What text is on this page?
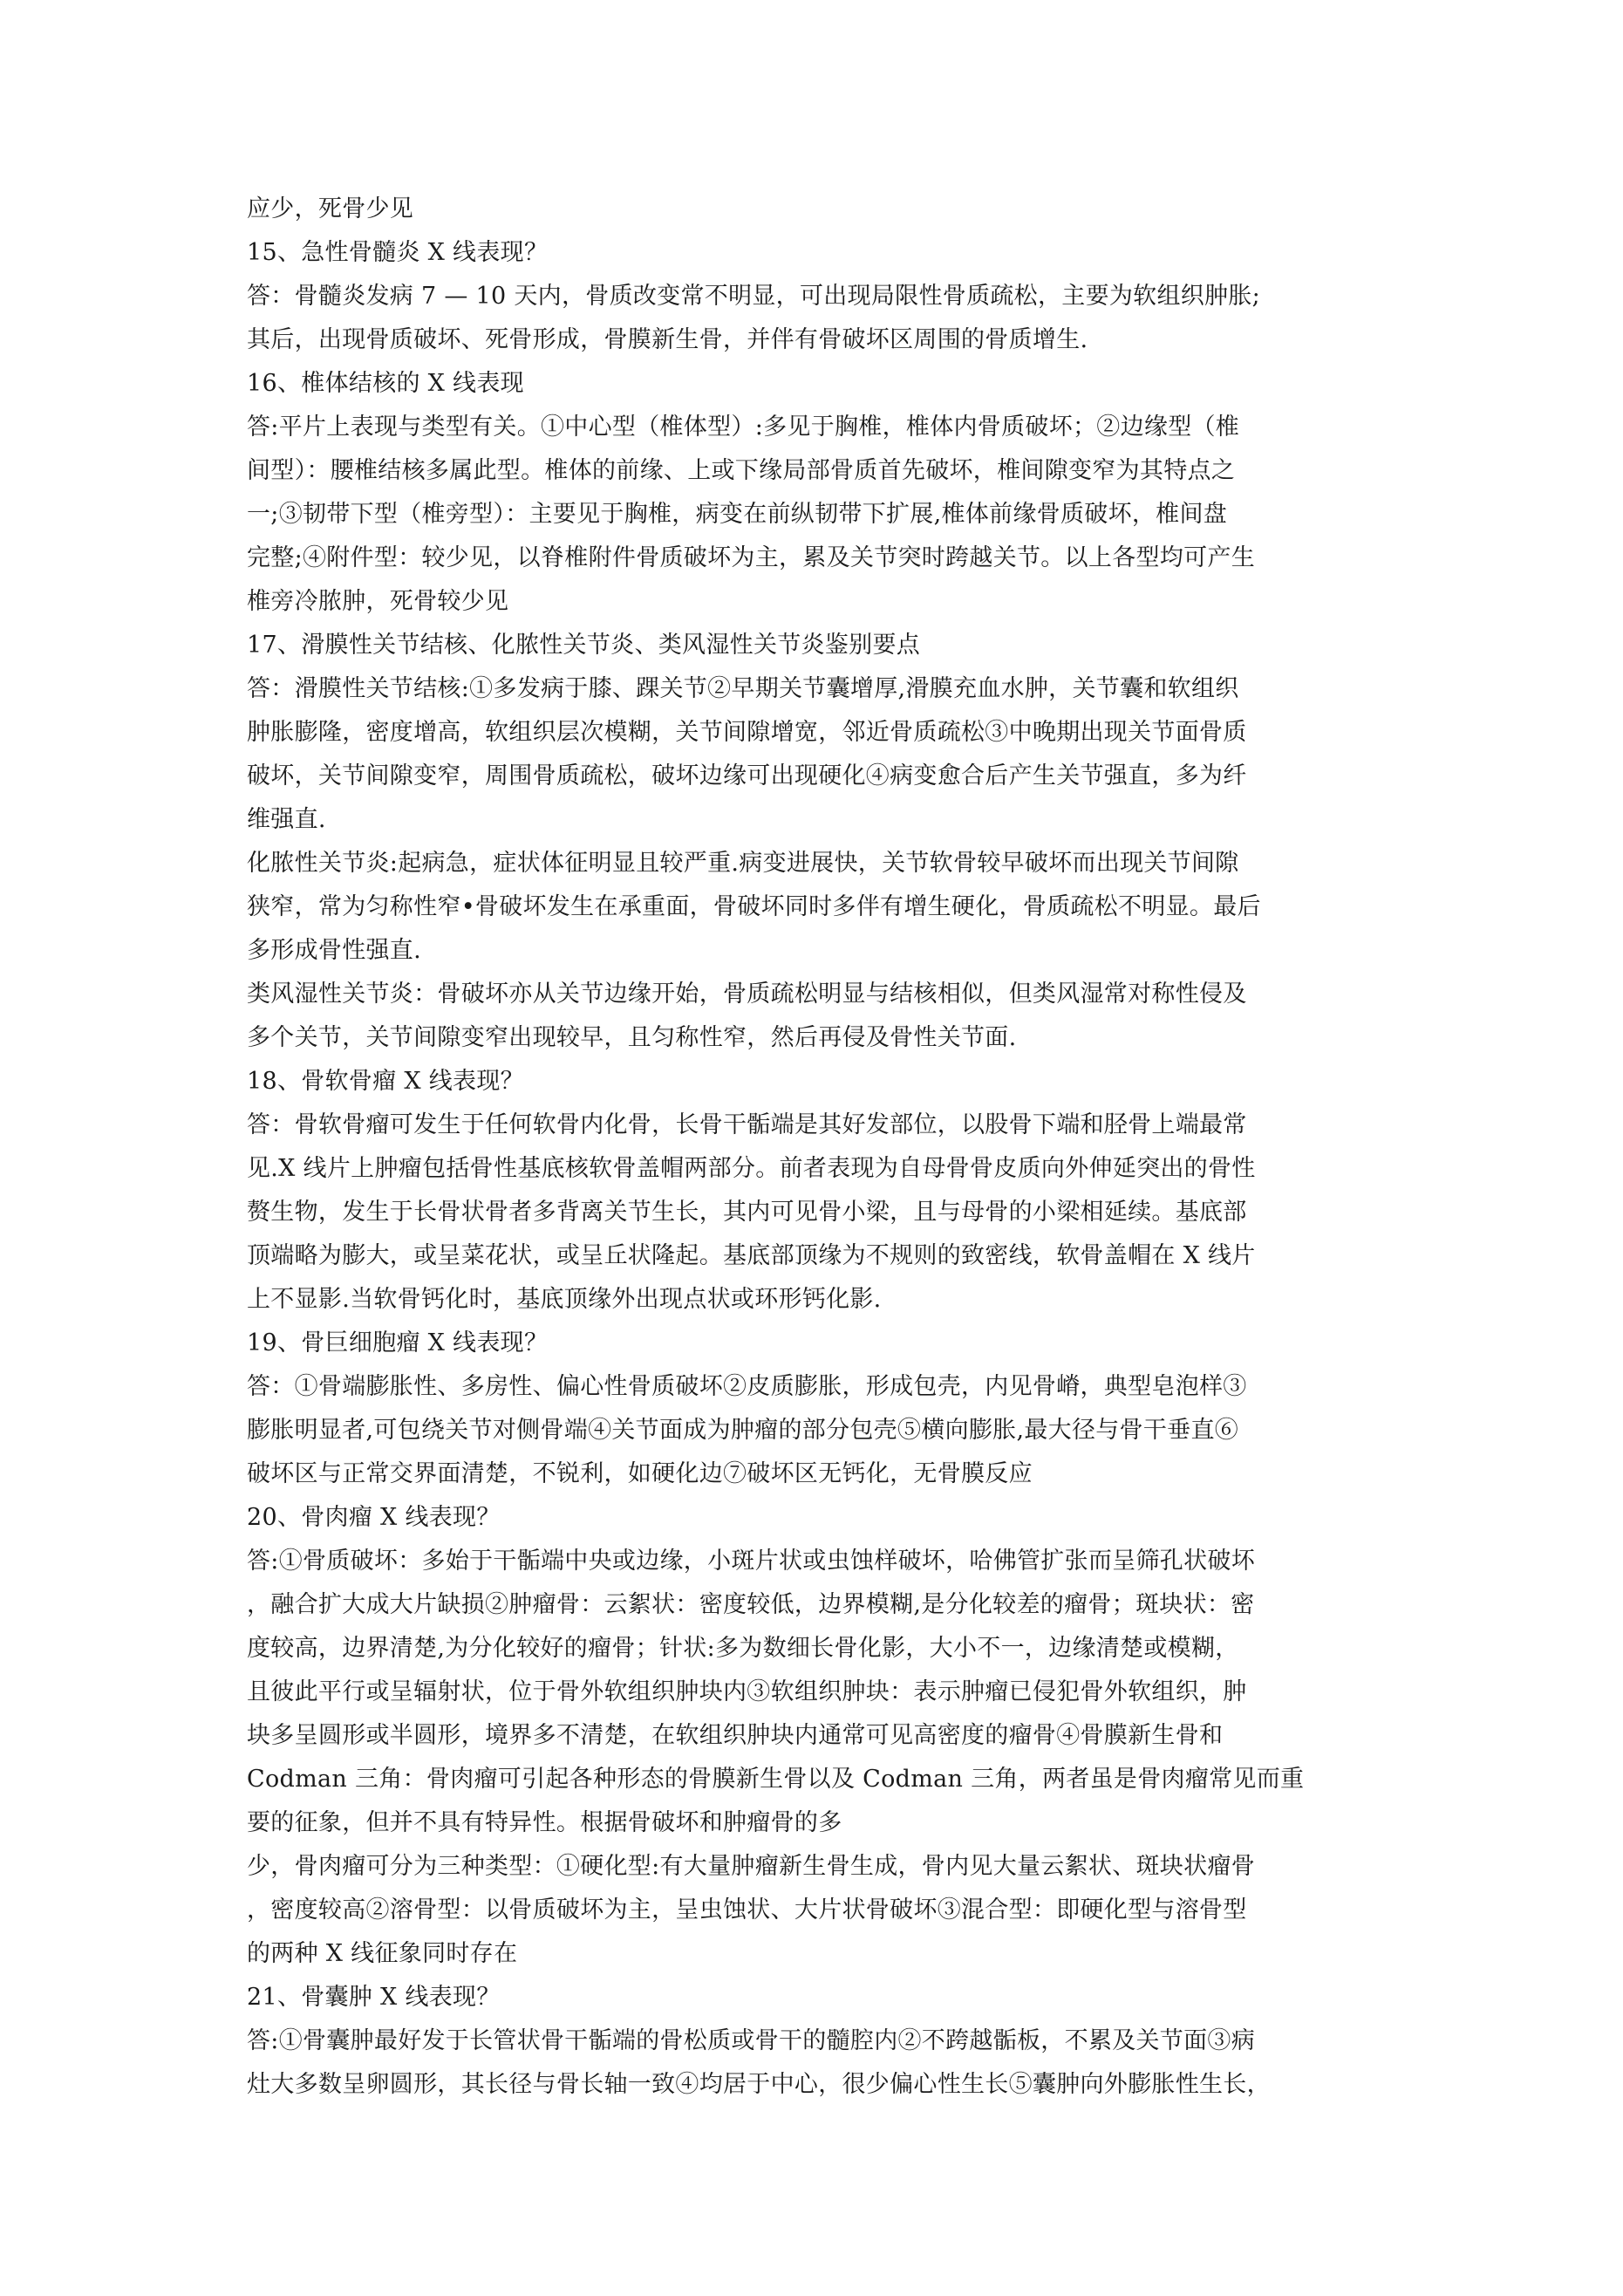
应少，死骨少见
15、急性骨髓炎 X 线表现？
答：骨髓炎发病 7 — 10 天内，骨质改变常不明显，可出现局限性骨质疏松，主要为软组织肿胀;
其后，出现骨质破坏、死骨形成，骨膜新生骨，并伴有骨破坏区周围的骨质增生.
16、椎体结核的 X 线表现
答:平片上表现与类型有关。①中心型（椎体型）:多见于胸椎，椎体内骨质破坏；②边缘型（椎
间型）：腰椎结核多属此型。椎体的前缘、上或下缘局部骨质首先破坏，椎间隙变窄为其特点之
一;③韧带下型（椎旁型）：主要见于胸椎，病变在前纵韧带下扩展,椎体前缘骨质破坏，椎间盘
完整;④附件型：较少见，以脊椎附件骨质破坏为主，累及关节突时跨越关节。以上各型均可产生
椎旁冷脓肿，死骨较少见
17、滑膜性关节结核、化脓性关节炎、类风湿性关节炎鉴别要点
答：滑膜性关节结核:①多发病于膝、踝关节②早期关节囊增厚,滑膜充血水肿，关节囊和软组织
肿胀膨隆，密度增高，软组织层次模糊，关节间隙增宽，邻近骨质疏松③中晚期出现关节面骨质
破坏，关节间隙变窄，周围骨质疏松，破坏边缘可出现硬化④病变愈合后产生关节强直，多为纤
维强直.
化脓性关节炎:起病急，症状体征明显且较严重.病变进展快，关节软骨较早破坏而出现关节间隙
狭窄，常为匀称性窄•骨破坏发生在承重面，骨破坏同时多伴有增生硬化，骨质疏松不明显。最后
多形成骨性强直.
类风湿性关节炎：骨破坏亦从关节边缘开始，骨质疏松明显与结核相似，但类风湿常对称性侵及
多个关节，关节间隙变窄出现较早，且匀称性窄，然后再侵及骨性关节面.
18、骨软骨瘤 X 线表现？
答：骨软骨瘤可发生于任何软骨内化骨，长骨干骺端是其好发部位，以股骨下端和胫骨上端最常
见.X 线片上肿瘤包括骨性基底核软骨盖帽两部分。前者表现为自母骨骨皮质向外伸延突出的骨性
赘生物，发生于长骨状骨者多背离关节生长，其内可见骨小梁，且与母骨的小梁相延续。基底部
顶端略为膨大，或呈菜花状，或呈丘状隆起。基底部顶缘为不规则的致密线，软骨盖帽在 X 线片
上不显影.当软骨钙化时，基底顶缘外出现点状或环形钙化影.
19、骨巨细胞瘤 X 线表现？
答：①骨端膨胀性、多房性、偏心性骨质破坏②皮质膨胀，形成包壳，内见骨嵴，典型皂泡样③
膨胀明显者,可包绕关节对侧骨端④关节面成为肿瘤的部分包壳⑤横向膨胀,最大径与骨干垂直⑥
破坏区与正常交界面清楚，不锐利，如硬化边⑦破坏区无钙化，无骨膜反应
20、骨肉瘤 X 线表现？
答:①骨质破坏：多始于干骺端中央或边缘，小斑片状或虫蚀样破坏，哈佛管扩张而呈筛孔状破坏
，融合扩大成大片缺损②肿瘤骨：云絮状：密度较低，边界模糊,是分化较差的瘤骨；斑块状：密
度较高，边界清楚,为分化较好的瘤骨；针状:多为数细长骨化影，大小不一，边缘清楚或模糊，
且彼此平行或呈辐射状，位于骨外软组织肿块内③软组织肿块：表示肿瘤已侵犯骨外软组织，肿
块多呈圆形或半圆形，境界多不清楚，在软组织肿块内通常可见高密度的瘤骨④骨膜新生骨和
Codman 三角：骨肉瘤可引起各种形态的骨膜新生骨以及 Codman 三角，两者虽是骨肉瘤常见而重
要的征象，但并不具有特异性。根据骨破坏和肿瘤骨的多
少，骨肉瘤可分为三种类型：①硬化型:有大量肿瘤新生骨生成，骨内见大量云絮状、斑块状瘤骨
，密度较高②溶骨型：以骨质破坏为主，呈虫蚀状、大片状骨破坏③混合型：即硬化型与溶骨型
的两种 X 线征象同时存在
21、骨囊肿 X 线表现？
答:①骨囊肿最好发于长管状骨干骺端的骨松质或骨干的髓腔内②不跨越骺板，不累及关节面③病
灶大多数呈卵圆形，其长径与骨长轴一致④均居于中心，很少偏心性生长⑤囊肿向外膨胀性生长，
